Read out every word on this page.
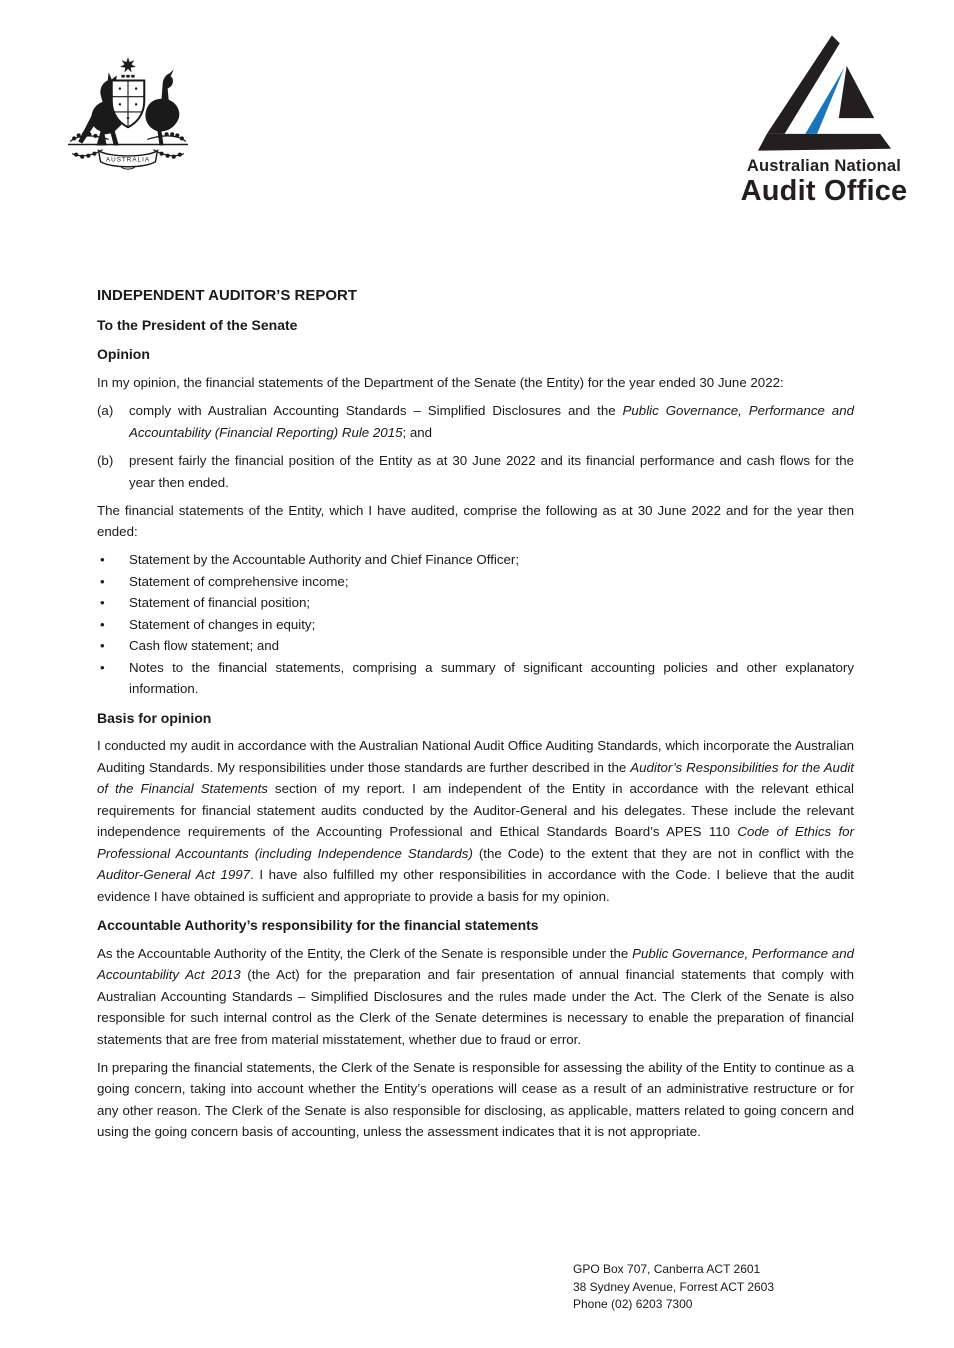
AUSTRALIA	Australian National
Audit Office
INDEPENDENT AUDITOR’S REPORT
To the President of the Senate
Opinion

In my opinion, the financial statements of the Department of the Senate (the Entity) for the year ended 30 June 2022:

(a)	comply with Australian Accounting Standards – Simplified Disclosures and the Public Governance, Performance and Accountability (Financial Reporting) Rule 2015; and
(b)	present fairly the financial position of the Entity as at 30 June 2022 and its financial performance and cash flows for the year then ended.

The financial statements of the Entity, which I have audited, comprise the following as at 30 June 2022 and for the year then ended:

•	Statement by the Accountable Authority and Chief Finance Officer;
•	Statement of comprehensive income;
•	Statement of financial position;
•	Statement of changes in equity;
•	Cash flow statement; and
•	Notes to the financial statements, comprising a summary of significant accounting policies and other explanatory information.
Basis for opinion

I conducted my audit in accordance with the Australian National Audit Office Auditing Standards, which incorporate the Australian Auditing Standards. My responsibilities under those standards are further described in the Auditor’s Responsibilities for the Audit of the Financial Statements section of my report. I am independent of the Entity in accordance with the relevant ethical requirements for financial statement audits conducted by the Auditor-General and his delegates. These include the relevant independence requirements of the Accounting Professional and Ethical Standards Board’s APES 110 Code of Ethics for Professional Accountants (including Independence Standards) (the Code) to the extent that they are not in conflict with the Auditor-General Act 1997. I have also fulfilled my other responsibilities in accordance with the Code. I believe that the audit evidence I have obtained is sufficient and appropriate to provide a basis for my opinion.

Accountable Authority’s responsibility for the financial statements

As the Accountable Authority of the Entity, the Clerk of the Senate is responsible under the Public Governance, Performance and Accountability Act 2013 (the Act) for the preparation and fair presentation of annual financial statements that comply with Australian Accounting Standards – Simplified Disclosures and the rules made under the Act. The Clerk of the Senate is also responsible for such internal control as the Clerk of the Senate determines is necessary to enable the preparation of financial statements that are free from material misstatement, whether due to fraud or error.

In preparing the financial statements, the Clerk of the Senate is responsible for assessing the ability of the Entity to continue as a going concern, taking into account whether the Entity’s operations will cease as a result of an administrative restructure or for any other reason. The Clerk of the Senate is also responsible for disclosing, as applicable, matters related to going concern and using the going concern basis of accounting, unless the assessment indicates that it is not appropriate.

GPO Box 707, Canberra ACT 2601
38 Sydney Avenue, Forrest ACT 2603
Phone (02) 6203 7300
